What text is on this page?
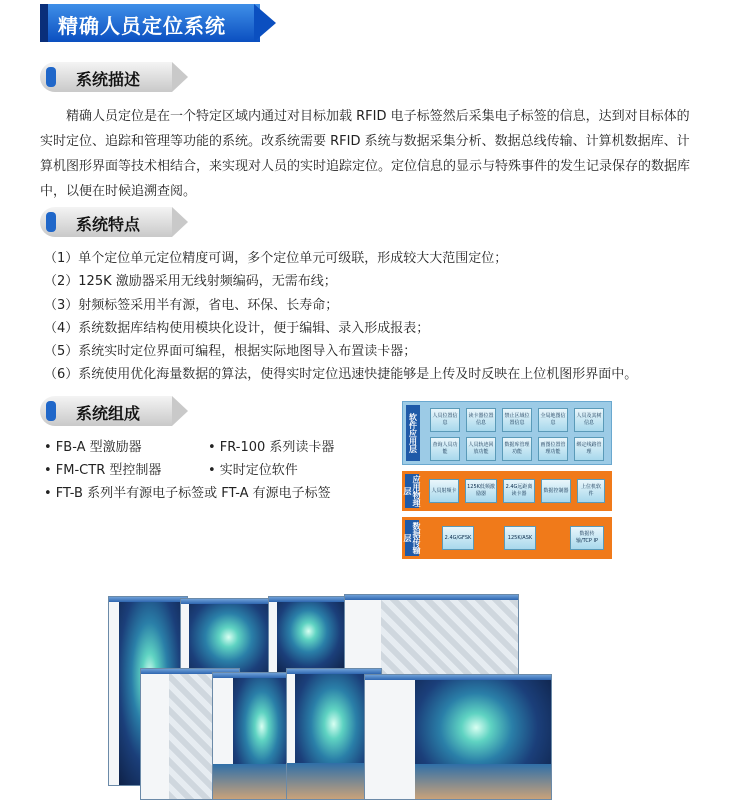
精确人员定位系统
系统描述

精确人员定位是在一个特定区域内通过对目标加载 RFID 电子标签然后采集电子标签的信息，达到对目标体的实时定位、追踪和管理等功能的系统。改系统需要 RFID 系统与数据采集分析、数据总线传输、计算机数据库、计算机图形界面等技术相结合，来实现对人员的实时追踪定位。定位信息的显示与特殊事件的发生记录保存的数据库中，以便在时候追溯查阅。

系统特点
（1）单个定位单元定位精度可调，多个定位单元可级联，形成较大大范围定位；
（2）125K 激励器采用无线射频编码，无需布线；
（3）射频标签采用半有源，省电、环保、长寿命；
（4）系统数据库结构使用模块化设计，便于编辑、录入形成报表；
（5）系统实时定位界面可编程，根据实际地图导入布置读卡器；
（6）系统使用优化海量数据的算法，使得实时定位迅速快捷能够是上传及时反映在上位机图形界面中。
系统组成
• FB-A 型激励器	• FR-100 系列读卡器
• FM-CTR 型控制器	• 实时定位软件
• FT-B 系列半有源电子标签或 FT-A 有源电子标签
软件应用层	人员位置信息
读卡器位置信息
禁止区域位置信息
全局地图信息
人员及其树信息
查询人员功能
人员轨迹回放功能
数据库管理功能
画图位置管理功能
绑定线路管理
应用物理层	人员射频卡
125K低频激励器
2.4G远距离读卡器
数据控制器
上位机软件
数据传输层	2.4G/GFSK	125K/ASK
数据传输/TCP IP
